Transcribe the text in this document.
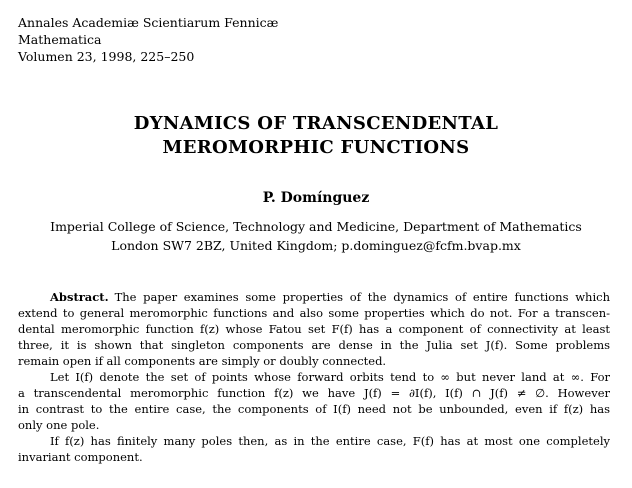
Annales Academiæ Scientiarum Fennicæ
Mathematica
Volumen 23, 1998, 225–250
DYNAMICS OF TRANSCENDENTAL
MEROMORPHIC FUNCTIONS
P. Domínguez
Imperial College of Science, Technology and Medicine, Department of Mathematics
London SW7 2BZ, United Kingdom; p.dominguez@fcfm.bvap.mx
Abstract. The paper examines some properties of the dynamics of entire functions which
extend to general meromorphic functions and also some properties which do not. For a transcen-
dental meromorphic function f(z) whose Fatou set F(f) has a component of connectivity at least
three, it is shown that singleton components are dense in the Julia set J(f). Some problems
remain open if all components are simply or doubly connected.
Let I(f) denote the set of points whose forward orbits tend to ∞ but never land at ∞. For
a transcendental meromorphic function f(z) we have J(f) = ∂I(f), I(f) ∩ J(f) ≠ ∅. However
in contrast to the entire case, the components of I(f) need not be unbounded, even if f(z) has
only one pole.
If f(z) has finitely many poles then, as in the entire case, F(f) has at most one completely
invariant component.
